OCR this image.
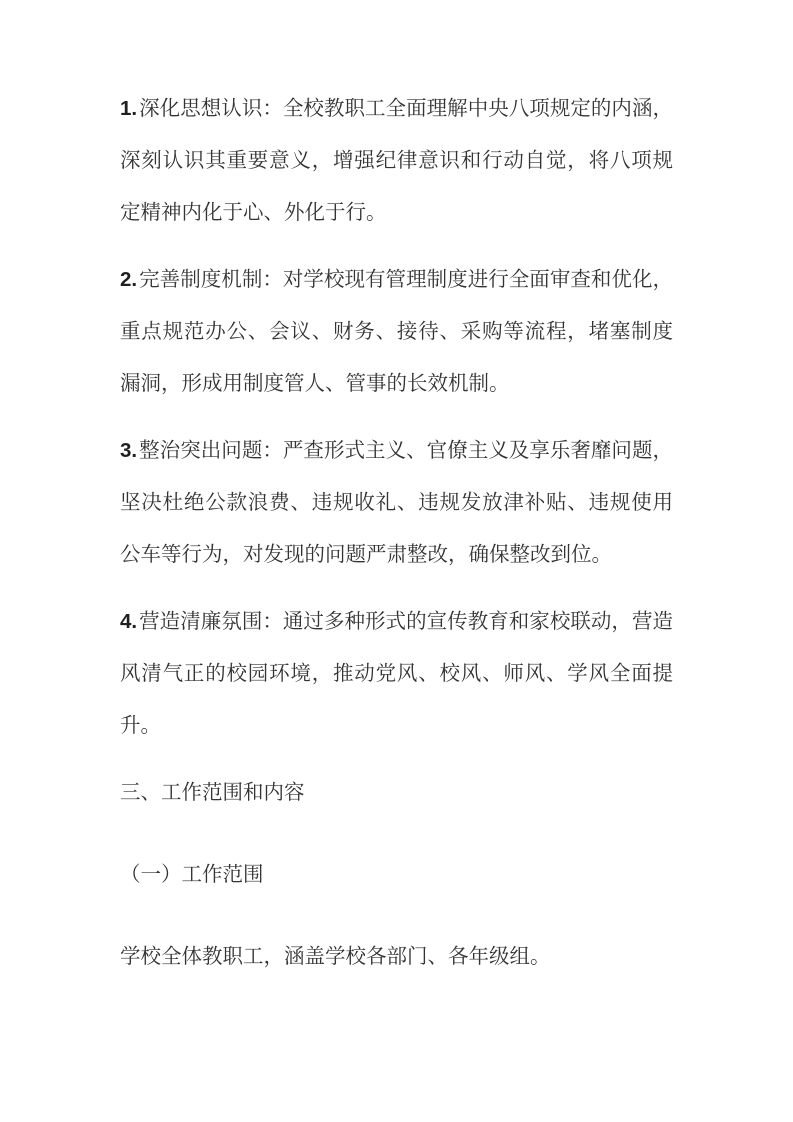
1.深化思想认识：全校教职工全面理解中央八项规定的内涵，深刻认识其重要意义，增强纪律意识和行动自觉，将八项规定精神内化于心、外化于行。

2.完善制度机制：对学校现有管理制度进行全面审查和优化，重点规范办公、会议、财务、接待、采购等流程，堵塞制度漏洞，形成用制度管人、管事的长效机制。

3.整治突出问题：严查形式主义、官僚主义及享乐奢靡问题，坚决杜绝公款浪费、违规收礼、违规发放津补贴、违规使用公车等行为，对发现的问题严肃整改，确保整改到位。

4.营造清廉氛围：通过多种形式的宣传教育和家校联动，营造风清气正的校园环境，推动党风、校风、师风、学风全面提升。

三、工作范围和内容

（一）工作范围

学校全体教职工，涵盖学校各部门、各年级组。
